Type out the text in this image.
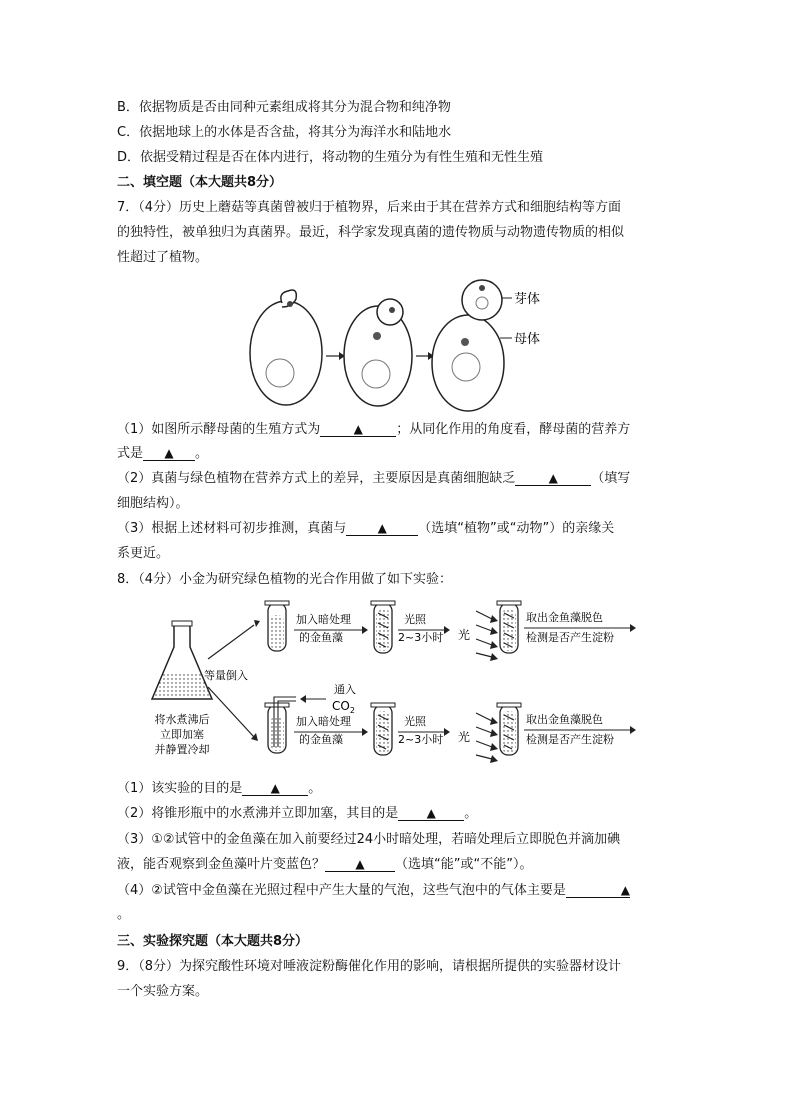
B．依据物质是否由同种元素组成将其分为混合物和纯净物
C．依据地球上的水体是否含盐，将其分为海洋水和陆地水
D．依据受精过程是否在体内进行，将动物的生殖分为有性生殖和无性生殖
二、填空题（本大题共8分）
7．（4分）历史上蘑菇等真菌曾被归于植物界，后来由于其在营养方式和细胞结构等方面
的独特性，被单独归为真菌界。最近，科学家发现真菌的遗传物质与动物遗传物质的相似
性超过了植物。
芽体
母体
（1）如图所示酵母菌的生殖方式为	▲	；从同化作用的角度看，酵母菌的营养方
式是 ▲ 。
（2）真菌与绿色植物在营养方式上的差异，主要原因是真菌细胞缺乏	▲	（填写
细胞结构）。
（3）根据上述材料可初步推测，真菌与	▲ （选填“植物”或“动物”）的亲缘关
系更近。
8．（4分）小金为研究绿色植物的光合作用做了如下实验：
将水煮沸后
立即加塞
并静置冷却
等量倒入
加入暗处理
的金鱼藻
光照
2~3小时 光
取出金鱼藻脱色
检测是否产生淀粉
通入
$CO_2$
加入暗处理
的金鱼藻
光照
2~3小时 光
取出金鱼藻脱色
检测是否产生淀粉
（1）该实验的目的是 ▲ 。
（2）将锥形瓶中的水煮沸并立即加塞，其目的是 ▲ 。
（3）①②试管中的金鱼藻在加入前要经过24小时暗处理，若暗处理后立即脱色并滴加碘
液，能否观察到金鱼藻叶片变蓝色？	▲ （选填“能”或“不能”）。
（4）②试管中金鱼藻在光照过程中产生大量的气泡，这些气泡中的气体主要是	▲
。
三、实验探究题（本大题共8分）
9．（8分）为探究酸性环境对唾液淀粉酶催化作用的影响，请根据所提供的实验器材设计
一个实验方案。
